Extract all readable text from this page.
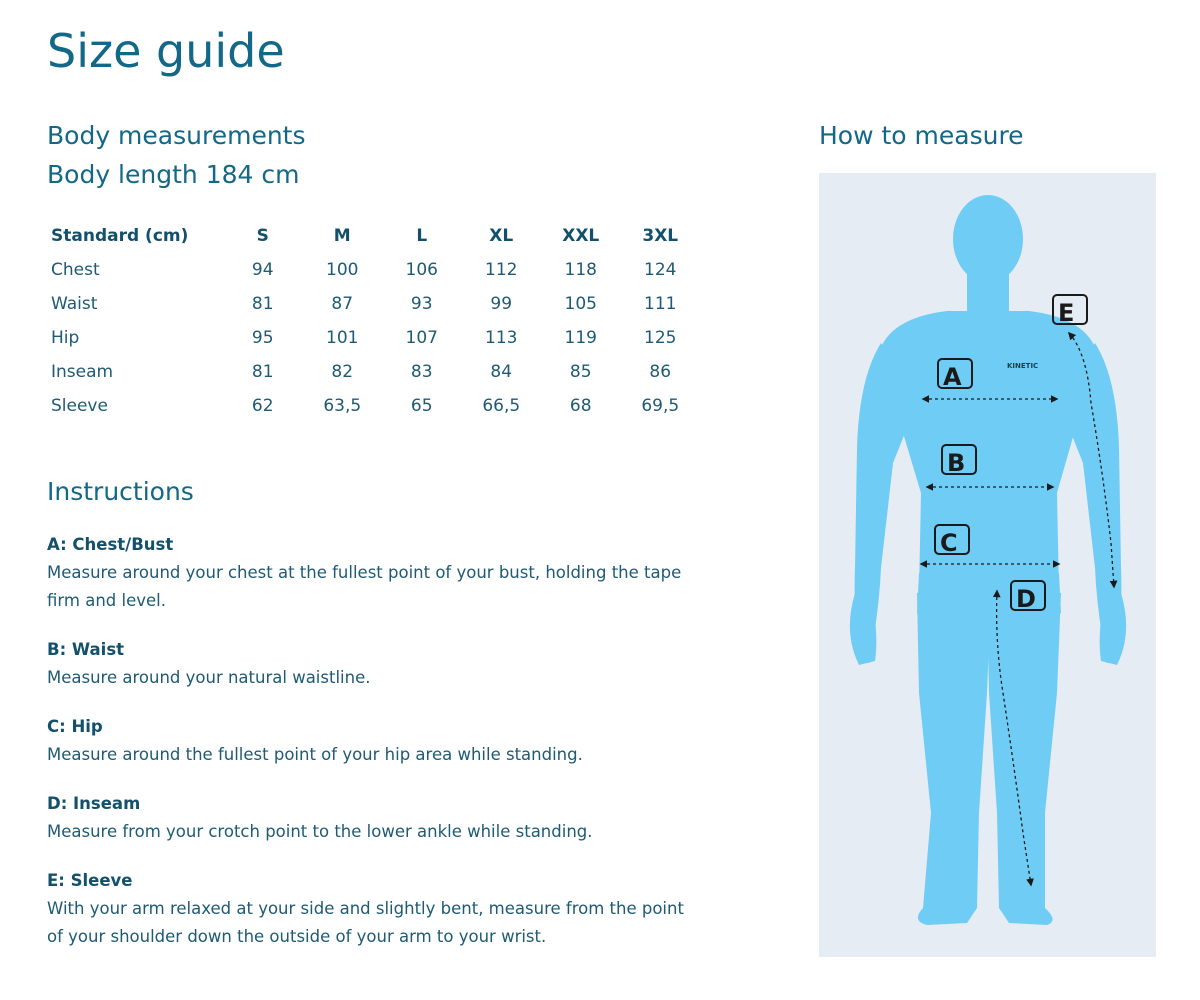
Size guide
Body measurements
Body length 184 cm
Standard (cm)	S	M	L	XL	XXL	3XL
Chest	94	100	106	112	118	124
Waist	81	87	93	99	105	111
Hip	95	101	107	113	119	125
Inseam	81	82	83	84	85	86
Sleeve	62	63,5	65	66,5	68	69,5
Instructions
A: Chest/Bust

Measure around your chest at the fullest point of your bust, holding the tape firm and level.

B: Waist

Measure around your natural waistline.

C: Hip

Measure around the fullest point of your hip area while standing.

D: Inseam

Measure from your crotch point to the lower ankle while standing.

E: Sleeve

With your arm relaxed at your side and slightly bent, measure from the point of your shoulder down the outside of your arm to your wrist.

How to measure
KINETIC
A
B
C
D
E
